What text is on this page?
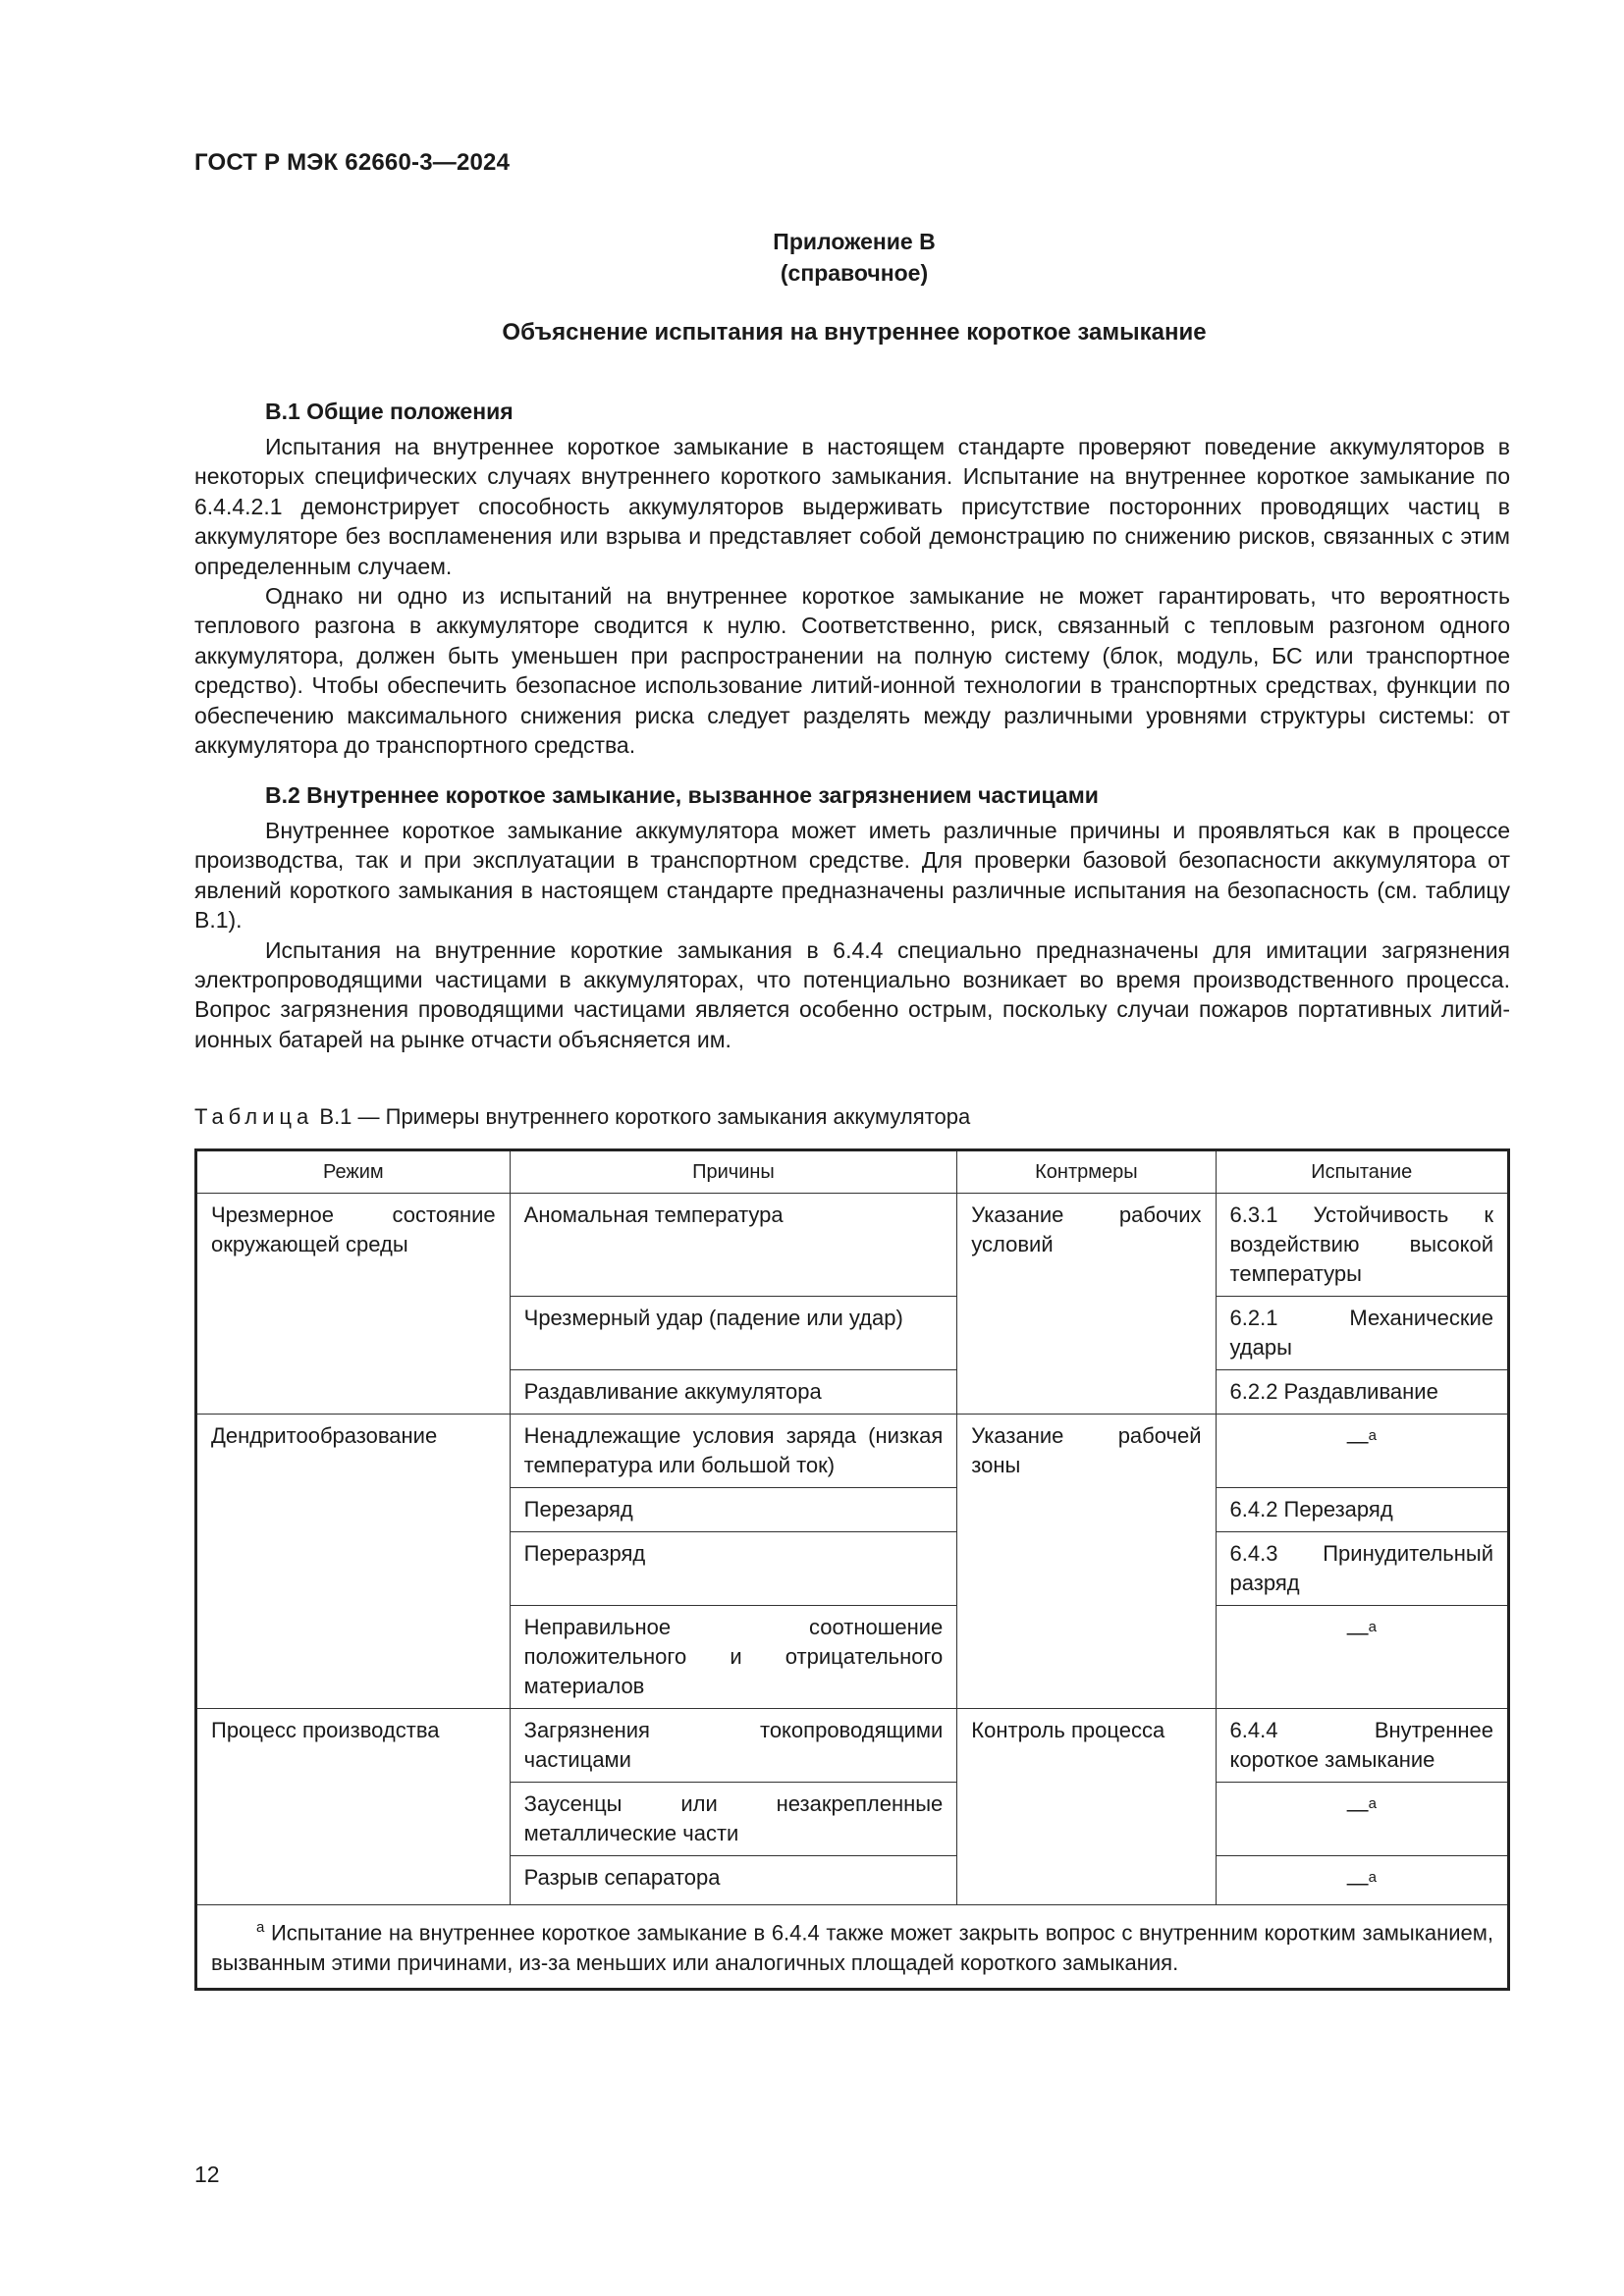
ГОСТ Р МЭК 62660-3—2024
Приложение В
(справочное)
Объяснение испытания на внутреннее короткое замыкание
В.1 Общие положения

Испытания на внутреннее короткое замыкание в настоящем стандарте проверяют поведение аккумуляторов в некоторых специфических случаях внутреннего короткого замыкания. Испытание на внутреннее короткое замыкание по 6.4.4.2.1 демонстрирует способность аккумуляторов выдерживать присутствие посторонних проводящих частиц в аккумуляторе без воспламенения или взрыва и представляет собой демонстрацию по снижению рисков, связанных с этим определенным случаем.

Однако ни одно из испытаний на внутреннее короткое замыкание не может гарантировать, что вероятность теплового разгона в аккумуляторе сводится к нулю. Соответственно, риск, связанный с тепловым разгоном одного аккумулятора, должен быть уменьшен при распространении на полную систему (блок, модуль, БС или транспортное средство). Чтобы обеспечить безопасное использование литий-ионной технологии в транспортных средствах, функции по обеспечению максимального снижения риска следует разделять между различными уровнями структуры системы: от аккумулятора до транспортного средства.

В.2 Внутреннее короткое замыкание, вызванное загрязнением частицами

Внутреннее короткое замыкание аккумулятора может иметь различные причины и проявляться как в процессе производства, так и при эксплуатации в транспортном средстве. Для проверки базовой безопасности аккумулятора от явлений короткого замыкания в настоящем стандарте предназначены различные испытания на безопасность (см. таблицу В.1).

Испытания на внутренние короткие замыкания в 6.4.4 специально предназначены для имитации загрязнения электропроводящими частицами в аккумуляторах, что потенциально возникает во время производственного процесса. Вопрос загрязнения проводящими частицами является особенно острым, поскольку случаи пожаров портативных литий-ионных батарей на рынке отчасти объясняется им.

Таблица В.1 — Примеры внутреннего короткого замыкания аккумулятора
Режим	Причины	Контрмеры	Испытание
Чрезмерное состояние окружающей среды	Аномальная температура	Указание рабочих условий	6.3.1 Устойчивость к воздействию высокой температуры
	Чрезмерный удар (падение или удар)		6.2.1 Механические удары
	Раздавливание аккумулятора		6.2.2 Раздавливание
Дендритообразование	Ненадлежащие условия заряда (низкая температура или большой ток)	Указание рабочей зоны	—$^a$
	Перезаряд		6.4.2 Перезаряд
	Переразряд		6.4.3 Принудительный разряд
	Неправильное соотношение положительного и отрицательного материалов		—$^a$
Процесс производства	Загрязнения токопроводящими частицами	Контроль процесса	6.4.4 Внутреннее короткое замыкание
	Заусенцы или незакрепленные металлические части		—$^a$
	Разрыв сепаратора		—$^a$

$^a$ Испытание на внутреннее короткое замыкание в 6.4.4 также может закрыть вопрос с внутренним коротким замыканием, вызванным этими причинами, из-за меньших или аналогичных площадей короткого замыкания.			

12
